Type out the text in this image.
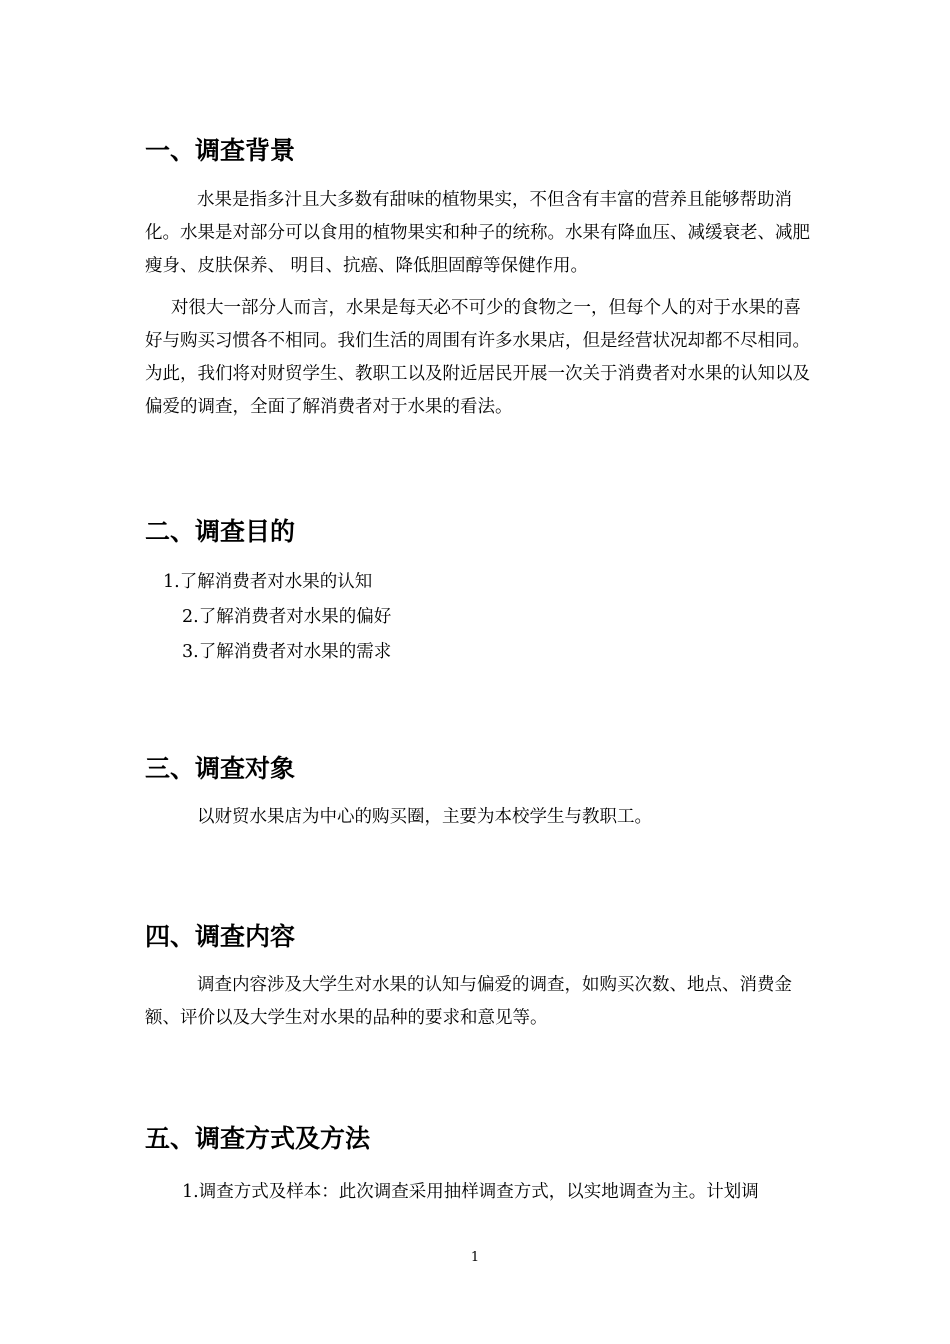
一、调查背景
水果是指多汁且大多数有甜味的植物果实，不但含有丰富的营养且能够帮助消化。水果是对部分可以食用的植物果实和种子的统称。水果有降血压、减缓衰老、减肥瘦身、皮肤保养、 明目、抗癌、降低胆固醇等保健作用。
对很大一部分人而言，水果是每天必不可少的食物之一，但每个人的对于水果的喜好与购买习惯各不相同。我们生活的周围有许多水果店，但是经营状况却都不尽相同。为此，我们将对财贸学生、教职工以及附近居民开展一次关于消费者对水果的认知以及偏爱的调查，全面了解消费者对于水果的看法。
二、调查目的
1.了解消费者对水果的认知
2.了解消费者对水果的偏好
3.了解消费者对水果的需求
三、调查对象
以财贸水果店为中心的购买圈，主要为本校学生与教职工。
四、调查内容
调查内容涉及大学生对水果的认知与偏爱的调查，如购买次数、地点、消费金额、评价以及大学生对水果的品种的要求和意见等。
五、调查方式及方法
1.调查方式及样本：此次调查采用抽样调查方式，以实地调查为主。计划调
1
